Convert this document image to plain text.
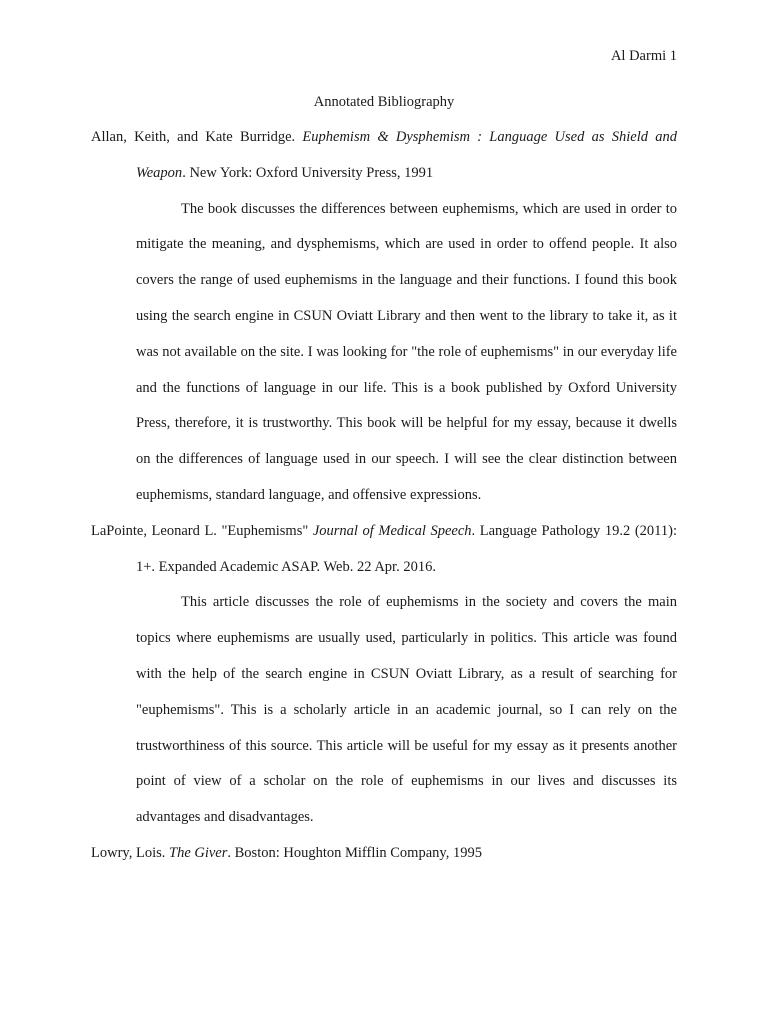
Al Darmi 1
Annotated Bibliography

Allan, Keith, and Kate Burridge. Euphemism & Dysphemism : Language Used as Shield and Weapon. New York: Oxford University Press, 1991

The book discusses the differences between euphemisms, which are used in order to mitigate the meaning, and dysphemisms, which are used in order to offend people. It also covers the range of used euphemisms in the language and their functions. I found this book using the search engine in CSUN Oviatt Library and then went to the library to take it, as it was not available on the site. I was looking for "the role of euphemisms" in our everyday life and the functions of language in our life. This is a book published by Oxford University Press, therefore, it is trustworthy. This book will be helpful for my essay, because it dwells on the differences of language used in our speech. I will see the clear distinction between euphemisms, standard language, and offensive expressions.

LaPointe, Leonard L. "Euphemisms" Journal of Medical Speech. Language Pathology 19.2 (2011): 1+. Expanded Academic ASAP. Web. 22 Apr. 2016.

This article discusses the role of euphemisms in the society and covers the main topics where euphemisms are usually used, particularly in politics. This article was found with the help of the search engine in CSUN Oviatt Library, as a result of searching for "euphemisms". This is a scholarly article in an academic journal, so I can rely on the trustworthiness of this source. This article will be useful for my essay as it presents another point of view of a scholar on the role of euphemisms in our lives and discusses its advantages and disadvantages.

Lowry, Lois. The Giver. Boston: Houghton Mifflin Company, 1995
